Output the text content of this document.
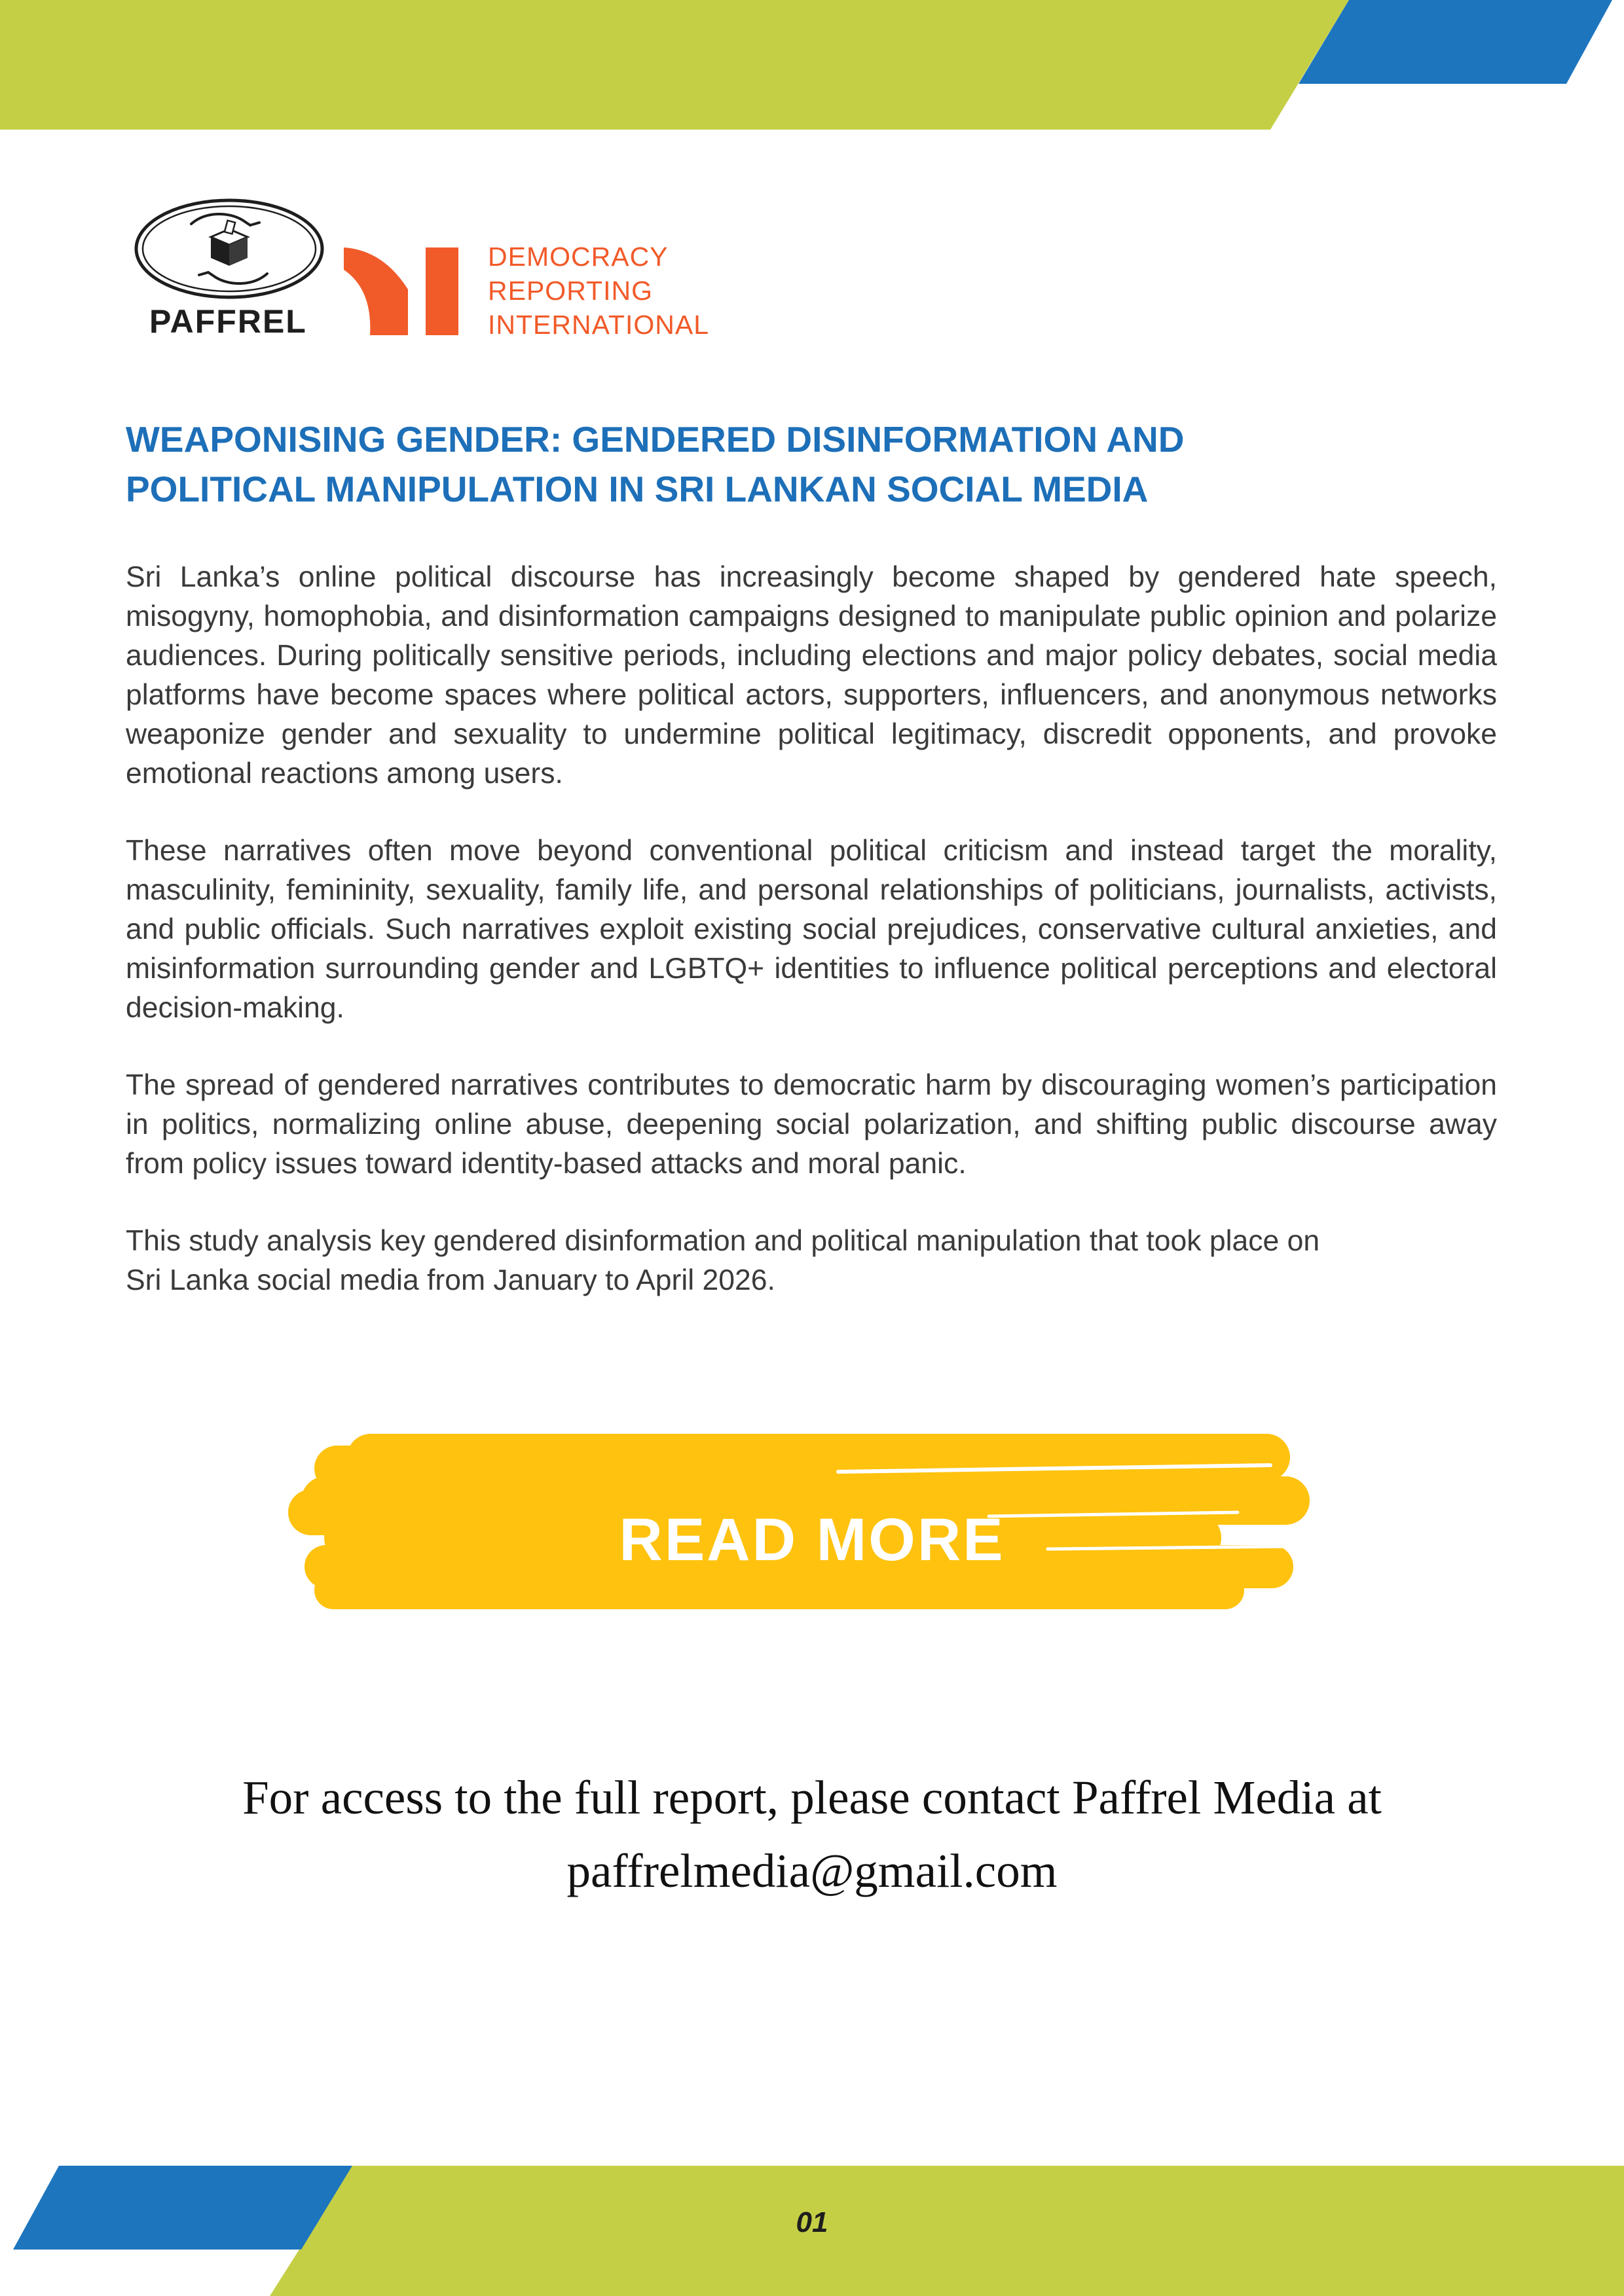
PAFFREL
DEMOCRACY
REPORTING
INTERNATIONAL
WEAPONISING GENDER: GENDERED DISINFORMATION AND
POLITICAL MANIPULATION IN SRI LANKAN SOCIAL MEDIA

Sri Lanka’s online political discourse has increasingly become shaped by gendered hate speech, misogyny, homophobia, and disinformation campaigns designed to manipulate public opinion and polarize audiences. During politically sensitive periods, including elections and major policy debates, social media platforms have become spaces where political actors, supporters, influencers, and anonymous networks weaponize gender and sexuality to undermine political legitimacy, discredit opponents, and provoke emotional reactions among users.

These narratives often move beyond conventional political criticism and instead target the morality, masculinity, femininity, sexuality, family life, and personal relationships of politicians, journalists, activists, and public officials. Such narratives exploit existing social prejudices, conservative cultural anxieties, and misinformation surrounding gender and LGBTQ+ identities to influence political perceptions and electoral decision-making.

The spread of gendered narratives contributes to democratic harm by discouraging women’s participation in politics, normalizing online abuse, deepening social polarization, and shifting public discourse away from policy issues toward identity-based attacks and moral panic.

This study analysis key gendered disinformation and political manipulation that took place on
Sri Lanka social media from January to April 2026.

READ MORE
For access to the full report, please contact Paffrel Media at
paffrelmedia@gmail.com
01
